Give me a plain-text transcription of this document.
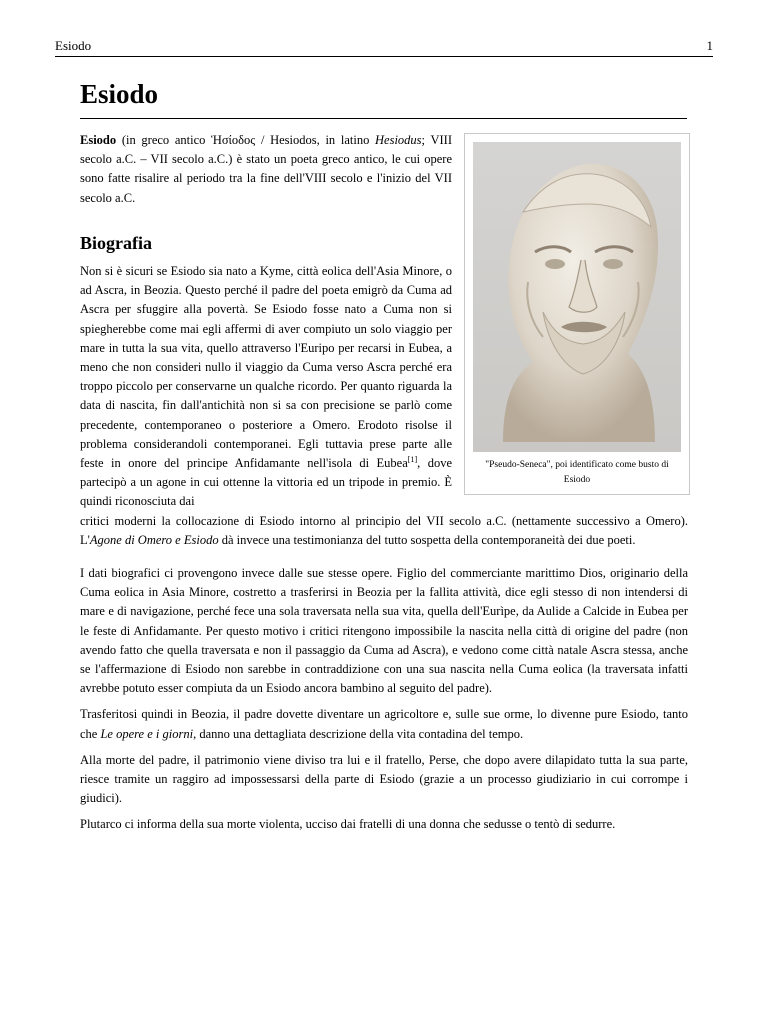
Esiodo	1
Esiodo

Esiodo (in greco antico Ἡσίοδος / Hesiodos, in latino Hesiodus; VIII secolo a.C. – VII secolo a.C.) è stato un poeta greco antico, le cui opere sono fatte risalire al periodo tra la fine dell'VIII secolo e l'inizio del VII secolo a.C.

Biografia

Non si è sicuri se Esiodo sia nato a Kyme, città eolica dell'Asia Minore, o ad Ascra, in Beozia. Questo perché il padre del poeta emigrò da Cuma ad Ascra per sfuggire alla povertà. Se Esiodo fosse nato a Cuma non si spiegherebbe come mai egli affermi di aver compiuto un solo viaggio per mare in tutta la sua vita, quello attraverso l'Euripo per recarsi in Eubea, a meno che non consideri nullo il viaggio da Cuma verso Ascra perché era troppo piccolo per conservarne un qualche ricordo. Per quanto riguarda la data di nascita, fin dall'antichità non si sa con precisione se parlò come precedente, contemporaneo o posteriore a Omero. Erodoto risolse il problema considerandoli contemporanei. Egli tuttavia prese parte alle feste in onore del principe Anfidamante nell'isola di Eubea[1], dove partecipò a un agone in cui ottenne la vittoria ed un tripode in premio. È quindi riconosciuta dai
critici moderni la collocazione di Esiodo intorno al principio del VII secolo a.C. (nettamente successivo a Omero). L'Agone di Omero e Esiodo dà invece una testimonianza del tutto sospetta della contemporaneità dei due poeti.

I dati biografici ci provengono invece dalle sue stesse opere. Figlio del commerciante marittimo Dios, originario della Cuma eolica in Asia Minore, costretto a trasferirsi in Beozia per la fallita attività, dice egli stesso di non intendersi di mare e di navigazione, perché fece una sola traversata nella sua vita, quella dell'Eurìpe, da Aulide a Calcide in Eubea per le feste di Anfidamante. Per questo motivo i critici ritengono impossibile la nascita nella città di origine del padre (non avendo fatto che quella traversata e non il passaggio da Cuma ad Ascra), e vedono come città natale Ascra stessa, anche se l'affermazione di Esiodo non sarebbe in contraddizione con una sua nascita nella Cuma eolica (la traversata infatti avrebbe potuto esser compiuta da un Esiodo ancora bambino al seguito del padre).

Trasferitosi quindi in Beozia, il padre dovette diventare un agricoltore e, sulle sue orme, lo divenne pure Esiodo, tanto che Le opere e i giorni, danno una dettagliata descrizione della vita contadina del tempo.

Alla morte del padre, il patrimonio viene diviso tra lui e il fratello, Perse, che dopo avere dilapidato tutta la sua parte, riesce tramite un raggiro ad impossessarsi della parte di Esiodo (grazie a un processo giudiziario in cui corrompe i giudici).

Plutarco ci informa della sua morte violenta, ucciso dai fratelli di una donna che sedusse o tentò di sedurre.

"Pseudo-Seneca", poi identificato come busto di Esiodo
